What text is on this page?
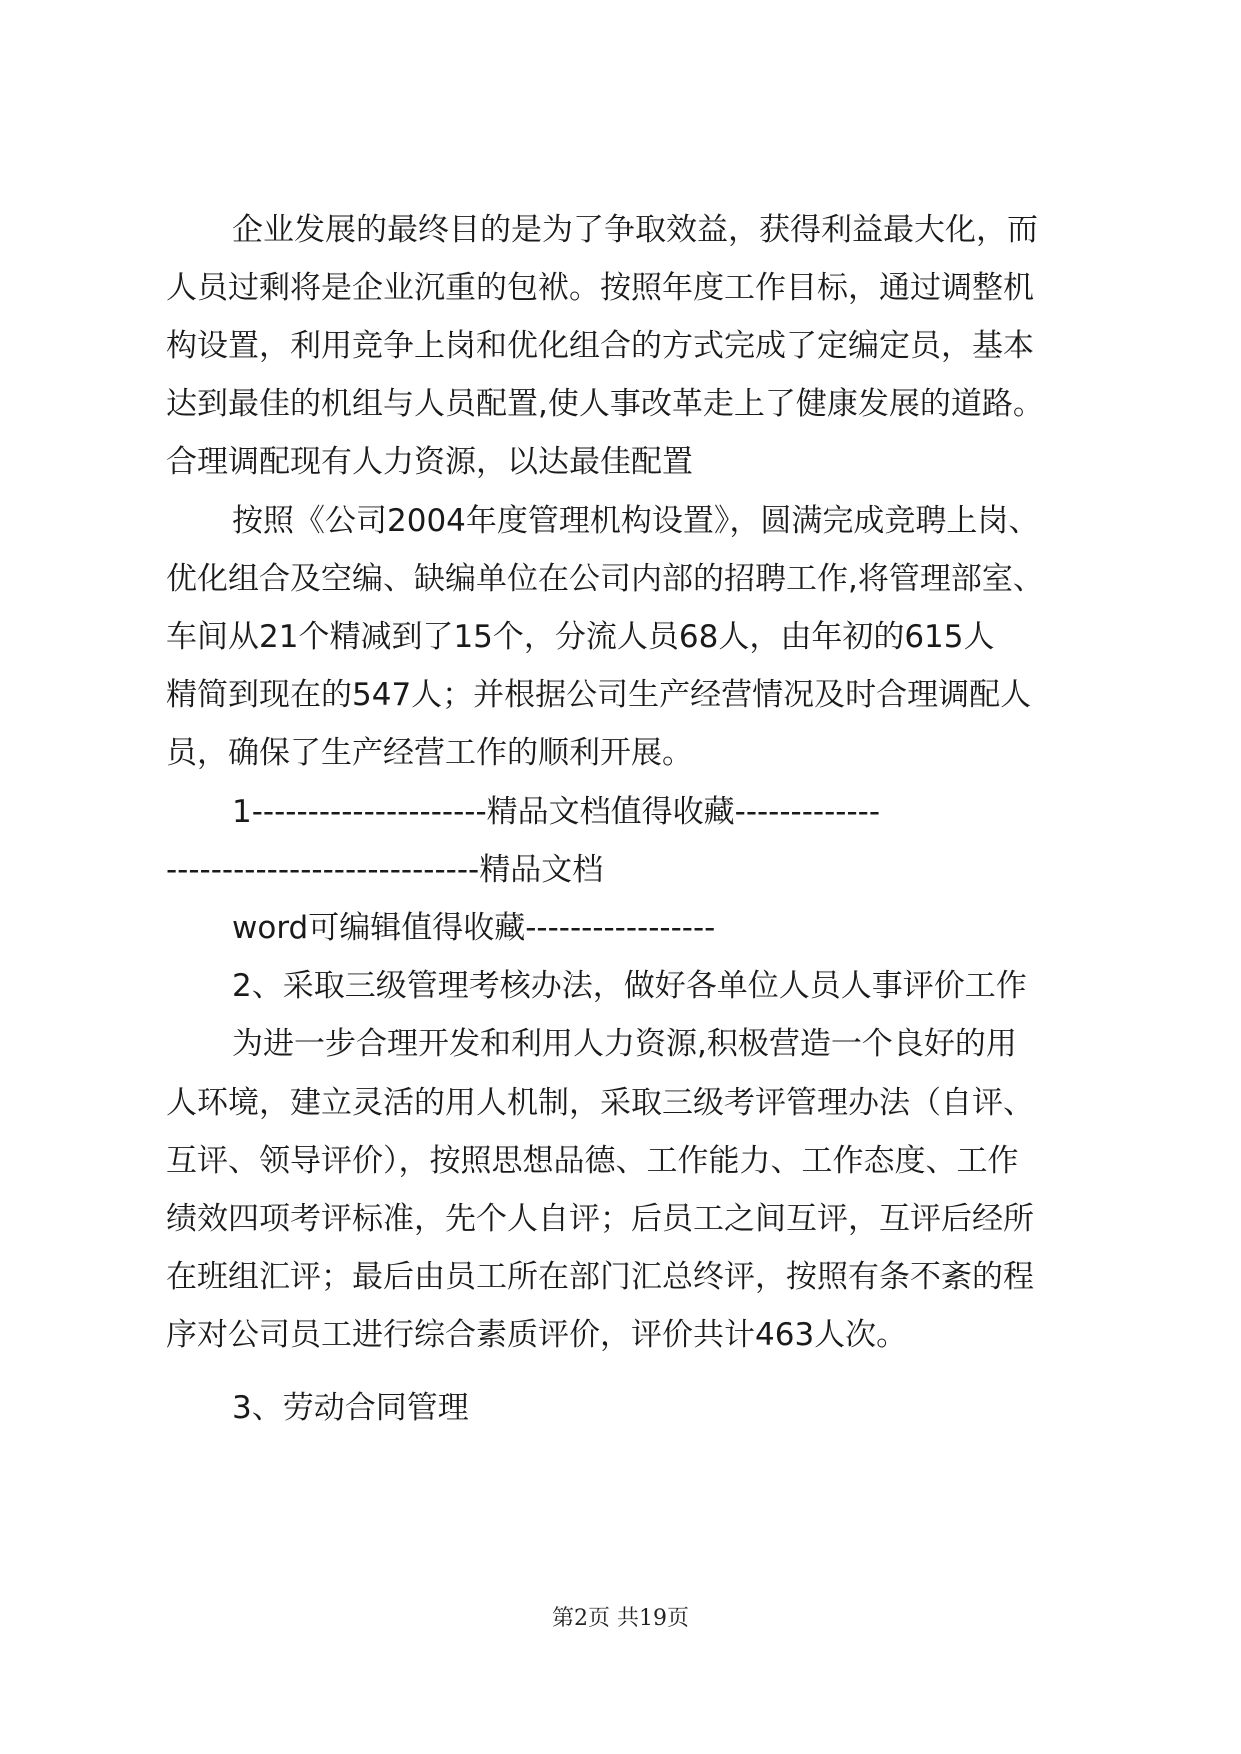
企业发展的最终目的是为了争取效益，获得利益最大化，而
人员过剩将是企业沉重的包袱。按照年度工作目标，通过调整机
构设置，利用竞争上岗和优化组合的方式完成了定编定员，基本
达到最佳的机组与人员配置,使人事改革走上了健康发展的道路。
合理调配现有人力资源，以达最佳配置
按照《公司2004年度管理机构设置》，圆满完成竞聘上岗、
优化组合及空编、缺编单位在公司内部的招聘工作,将管理部室、
车间从21个精减到了15个，分流人员68人，由年初的615人
精简到现在的547人；并根据公司生产经营情况及时合理调配人
员，确保了生产经营工作的顺利开展。
1---------------------精品文档值得收藏-------------
----------------------------精品文档
word可编辑值得收藏-----------------
2、采取三级管理考核办法，做好各单位人员人事评价工作
为进一步合理开发和利用人力资源,积极营造一个良好的用
人环境，建立灵活的用人机制，采取三级考评管理办法（自评、
互评、领导评价），按照思想品德、工作能力、工作态度、工作
绩效四项考评标准，先个人自评；后员工之间互评，互评后经所
在班组汇评；最后由员工所在部门汇总终评，按照有条不紊的程
序对公司员工进行综合素质评价，评价共计463人次。
3、劳动合同管理
第2页 共19页
